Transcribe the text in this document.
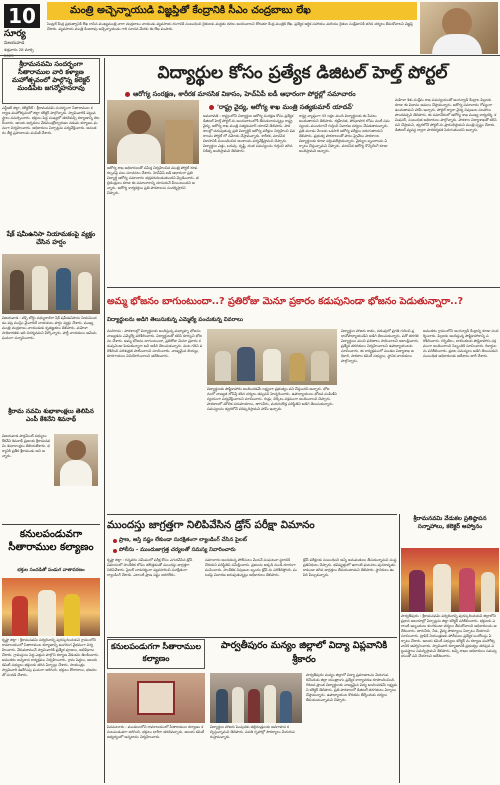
10
సూర్య
విజయవాడ
శుక్రవారం 28 మార్చి
మంత్రి అచ్చెన్నాయుడి విజ్ఞప్తితో కేంద్రానికి సీఎం చంద్రబాబు లేఖ
సెంట్రల్ కేంద్ర ప్రభుత్వానికి లేఖ రాసిన ముఖ్యమంత్రి నారా చంద్రబాబు నాయుడు వ్యవసాయ రంగానికి సంబంధించి రైతులకు మద్దతు ధరలు అందించాలని కోరుతూ కేంద్ర మంత్రికి లేఖ. ప్రత్యేక ఆర్థిక సహాయం మరియు రైతుల సంక్షేమానికి తగిన చర్యలు తీసుకోవాలని విజ్ఞప్తి చేశారు. వ్యవసాయ మంత్రి కింజరాపు అచ్చెన్నాయుడు గారి సూచన మేరకు ఈ లేఖ పంపారు.
శ్రీరామనవమి సందర్భంగా సీతారాముల వారి కళ్యాణ మహోత్సవంలో పాల్గొన్న కలెక్టర్ మండిపేట జగన్మోహనరావు
ఎన్టీఆర్ జిల్లా, కలెక్టరేట్ : శ్రీరామనవమి సందర్భంగా సీతారాముల కల్యాణ మహోత్సవంలో జిల్లా కలెక్టర్ పాల్గొన్నారు. స్వామివారికి పట్టువస్త్రాలు సమర్పించారు. భక్తులు పెద్ద సంఖ్యలో తరలివచ్చి కల్యాణాన్ని తిలకించారు. ఆలయ అర్చకులు వేదమంత్రోచ్ఛారణల నడుమ కల్యాణం ఘనంగా నిర్వహించారు. అధికారులు ఏర్పాట్లను పర్యవేక్షించారు. అనంతరం తీర్థ ప్రసాదాలను పంపిణీ చేశారు.
షేక్ షమీఉనిసా నియామకంపై వ్యక్తం చేసిన హర్షం
విజయవాడ : వక్ఫ్ బోర్డు సభ్యురాలిగా షేక్ షమీఉనిసాను నియమించడం పట్ల ముస్లిం మైనారిటీ నాయకులు హర్షం వ్యక్తం చేశారు. ముఖ్యమంత్రి చంద్రబాబు నాయుడుకు కృతజ్ఞతలు తెలిపారు. మహిళా సాధికారతకు ఇది నిదర్శనమని పేర్కొన్నారు. పార్టీ నాయకులు ఆమెను ఘనంగా సన్మానించారు.
శ్రీరామ నవమి శుభాకాంక్షలు తెలిపిన ఎంపీ కేశినేని శివనాథ్
విజయవాడ పార్లమెంట్ సభ్యులు కేశినేని శివనాథ్ ప్రజలకు శ్రీరామనవమి శుభాకాంక్షలు తెలియజేశారు. ధర్మానికి ప్రతీక శ్రీరాముడు అని అన్నారు.
కనులపండువగా సీతారాముల కల్యాణం
భక్తుల సందడితో పండుగ వాతావరణం
కృష్ణా జిల్లా : శ్రీరామనవమి పర్వదినాన్ని పురస్కరించుకుని గ్రామంలోని రామాలయంలో సీతారాముల కల్యాణాన్ని అంగరంగ వైభవంగా నిర్వహించారు. వేకువజామునే స్వామివారికి ప్రత్యేక పూజలు, అభిషేకాలు చేశారు. గ్రామస్తులు పెద్ద ఎత్తున పాల్గొని కల్యాణ వేడుకను తిలకించారు. అనంతరం అన్నదాన కార్యక్రమం నిర్వహించారు. గ్రామ పెద్దలు, ఆలయ కమిటీ సభ్యులు భక్తులకు తగిన ఏర్పాట్లు చేశారు. సాయంత్రం స్వామివారి ఊరేగింపు ఘనంగా జరిగింది. భక్తులు కోలాటాలు, భజనలతో సందడి చేశారు.
విద్యార్థుల కోసం ప్రత్యేక డిజిటల్ హెల్త్ పోర్టల్
ఆరోగ్య సంరక్షణ, శారీరక మానసిక వికాసం, హెచ్ఏపీ ఐడీ ఆధారంగా పోర్టల్లో సమాచారం
'రాష్ట్ర వైద్య, ఆరోగ్య శాఖ మంత్రి సత్యకుమార్ యాదవ్'
అమరావతి : రాష్ట్రంలోని విద్యార్థుల ఆరోగ్య సంరక్షణ కోసం ప్రత్యేక డిజిటల్ హెల్త్ పోర్టల్ ను అందుబాటులోకి తీసుకురానున్నట్లు రాష్ట్ర వైద్య, ఆరోగ్య శాఖ మంత్రి సత్యకుమార్ యాదవ్ తెలిపారు. పాఠశాలల్లో చదువుతున్న ప్రతి విద్యార్థికి ఆరోగ్య పరీక్షలు నిర్వహించి వివరాలను పోర్టల్ లో నమోదు చేస్తామన్నారు. శారీరక, మానసిక వికాసానికి సంబంధించిన అంశాలను పర్యవేక్షిస్తామని చెప్పారు. విద్యార్థుల ఎత్తు, బరువు, దృష్టి, దంత సమస్యలను గుర్తించి తగిన చికిత్స అందిస్తామని తెలిపారు.
ఆరోగ్య శాఖ అధికారులతో సమీక్ష నిర్వహించిన మంత్రి పోర్టల్ రూపకల్పనపై పలు సూచనలు చేశారు. హెచ్ఏపీ ఐడీ ఆధారంగా ప్రతి విద్యార్థి ఆరోగ్య సమాచారం భద్రపరచబడుతుందని వెల్లడించారు. తల్లిదండ్రులు కూడా ఈ సమాచారాన్ని చూసుకునే వీలుంటుందని అన్నారు. ఆరోగ్య కార్యకర్తలు ప్రతి పాఠశాలను సందర్శిస్తారని చెప్పారు.
రాష్ట్ర వ్యాప్తంగా 45 లక్షల మంది విద్యార్థులకు ఈ సేవలు అందుతాయని తెలిపారు. రక్తహీనత, పోషకాహార లోపం వంటి సమస్యలను ముందుగానే గుర్తించి నివారణ చర్యలు చేపడతామన్నారు. ప్రతి మూడు నెలలకు ఒకసారి ఆరోగ్య పరీక్షలు జరుగుతాయని తెలిపారు. ప్రభుత్వ పాఠశాలలతో పాటు ప్రైవేటు పాఠశాలల విద్యార్థులకు కూడా వర్తింపజేస్తామన్నారు. వైద్యుల బృందాలను ఏర్పాటు చేస్తున్నామని చెప్పారు. మానసిక ఆరోగ్య కౌన్సెలింగ్ కూడా అందిస్తామని అన్నారు.
మహిళా శిశు సంక్షేమ శాఖ సమన్వయంతో అంగన్వాడీ కేంద్రాల పిల్లలకు కూడా ఈ విధానం అమలు చేస్తామన్నారు. ఆరోగ్య సమాచారం గోప్యంగా ఉంచుతామని హామీ ఇచ్చారు. పోర్టల్ ద్వారా వైద్య నిపుణుల సలహాలు పొందవచ్చని తెలిపారు. ఈ సమావేశంలో ఆరోగ్య శాఖ ముఖ్య కార్యదర్శి, కమిషనర్, సంబంధిత అధికారులు పాల్గొన్నారు. పాఠశాల విద్యాశాఖతో కలిసి పని చేస్తామని, త్వరలోనే పోర్టల్ ను ప్రారంభిస్తామని మంత్రి స్పష్టం చేశారు. డిజిటల్ వ్యవస్థ ద్వారా పారదర్శకత పెరుగుతుందని అన్నారు.
అమ్మ భోజనం బాగుంటుందా..? ప్రతిరోజు మెనూ ప్రకారం కడుపునిండా భోజనం పెడుతున్నారా..?
విద్యార్థులను అడిగి తెలుసుకున్న ఎమ్మెల్యే పంచుకున్న వివరాలు
నందిగామ : పాఠశాలల్లో విద్యార్థులకు అందిస్తున్న మధ్యాహ్న భోజనం నాణ్యతను ఎమ్మెల్యే పరిశీలించారు. విద్యార్థులతో కలిసి కూర్చుని భోజనం చేశారు. అమ్మ భోజనం బాగుంటుందా, ప్రతిరోజు మెనూ ప్రకారం కడుపునిండా పెడుతున్నారా అని అడిగి తెలుసుకున్నారు. వంట గదిని పరిశీలించి పరిశుభ్రత పాటించాలని సూచించారు. నాణ్యమైన బియ్యం, కూరగాయలు వినియోగించాలని ఆదేశించారు.
విద్యార్థులకు పౌష్టికాహారం అందించడమే లక్ష్యంగా ప్రభుత్వం పని చేస్తుందని అన్నారు. భోజనంలో నాణ్యత లోపిస్తే కఠిన చర్యలు తప్పవని హెచ్చరించారు. ఉపాధ్యాయులు భోజన పంపిణీని స్వయంగా పర్యవేక్షించాలని సూచించారు. గుడ్లు, చిక్కీలు సక్రమంగా అందించాలని చెప్పారు. పాఠశాలలో మౌలిక సదుపాయాలు, తాగునీరు, మరుగుదొడ్ల పరిస్థితిని అడిగి తెలుసుకున్నారు. సమస్యలను త్వరలోనే పరిష్కరిస్తామని హామీ ఇచ్చారు.
విద్యార్థుల హాజరు శాతం, చదువులో ప్రగతి గురించి ప్రధానోపాధ్యాయుడిని అడిగి తెలుసుకున్నారు. పదో తరగతి విద్యార్థులు మంచి ఫలితాలు సాధించాలని ఆకాంక్షించారు. ప్రత్యేక తరగతులు నిర్వహించాలని ఉపాధ్యాయులకు సూచించారు. ఈ కార్యక్రమంలో మండల విద్యాశాఖ అధికారి, పాఠశాల కమిటీ సభ్యులు, స్థానిక నాయకులు పాల్గొన్నారు.
అనంతరం గ్రామంలోని అంగన్వాడీ కేంద్రాన్ని కూడా సందర్శించారు. పిల్లలకు అందిస్తున్న పౌష్టికాహారాన్ని పరిశీలించారు. గర్భిణీలు, బాలింతలకు పౌష్టికాహారం సక్రమంగా అందించాలని సిబ్బందికి సూచించారు. రికార్డులను పరిశీలించారు. ప్రజల సమస్యలు అడిగి తెలుసుకుని సంబంధిత అధికారులకు ఆదేశాలు జారీ చేశారు.
ముందస్తు జాగ్రత్తగా నిలిపివేసిన డ్రోన్ పరీక్షా విమానం
ప్రాణ, ఆస్తి నష్టం లేకుండా సురక్షితంగా ల్యాండింగ్ చేసిన పైలట్
పోలీసు - ముందుజాగ్రత్త చర్యలతో సమస్య నివారించారు
కృష్ణా జిల్లా : గన్నవరం సమీపంలో పరీక్ష కోసం ఎగురవేసిన డ్రోన్ విమానంలో సాంకేతిక లోపం తలెత్తడంతో ముందస్తు జాగ్రత్తగా నిలిపివేశారు. పైలట్ చాకచక్యంగా వ్యవహరించి సురక్షితంగా ల్యాండింగ్ చేశారు. ఎలాంటి ప్రాణ నష్టం జరగలేదు.
సమాచారం అందుకున్న పోలీసులు వెంటనే సంఘటనా స్థలానికి చేరుకుని పరిస్థితిని సమీక్షించారు. ప్రజలను అక్కడి నుండి దూరంగా పంపించారు. సాంకేతిక నిపుణుల బృందం డ్రోన్ ను పరిశీలిస్తోంది. ఘటనపై విచారణ జరుపుతున్నట్లు అధికారులు తెలిపారు.
డ్రోన్ పరీక్షలకు సంబంధించి అన్ని అనుమతులు తీసుకున్నామని సంస్థ ప్రతినిధులు చెప్పారు. భవిష్యత్తులో ఇలాంటి ఘటనలు పునరావృతం కాకుండా తగిన జాగ్రత్తలు తీసుకుంటామని తెలిపారు. స్థానికులు ఊపిరి పీల్చుకున్నారు.
శ్రీరామనవమి వేడుకల ప్రతిష్ఠాపన సన్నాహాలు, కలెక్టర్ ఆహ్వానం
పార్వతీపురం : శ్రీరామనవమి పర్వదినాన్ని పురస్కరించుకుని జిల్లాలోని ప్రధాన ఆలయాల్లో ఏర్పాట్లను జిల్లా కలెక్టర్ పరిశీలించారు. భక్తులకు ఎలాంటి ఇబ్బందులు కలగకుండా చర్యలు తీసుకోవాలని అధికారులను ఆదేశించారు. తాగునీరు, నీడ, వైద్య సౌకర్యాలు ఏర్పాటు చేయాలని సూచించారు. ట్రాఫిక్ నియంత్రణకు పోలీసులు ప్రత్యేక బందోబస్తు ఏర్పాటు చేశారు. ఆలయ కమిటీ సభ్యులు కలెక్టర్ ను కల్యాణ మహోత్సవానికి ఆహ్వానించారు. స్వామివారి కల్యాణానికి ప్రభుత్వం తరఫున పట్టువస్త్రాలు సమర్పిస్తామని తెలిపారు. అన్ని శాఖల అధికారులు సమన్వయంతో పని చేయాలని ఆదేశించారు.
కనులపండుగగా సీతారాముల కల్యాణం
పెనమలూరు : మండలంలోని రామాలయంలో సీతారాముల కల్యాణం కనులపండువగా జరిగింది. భక్తులు భారీగా తరలివచ్చారు. ఆలయ కమిటీ ఆధ్వర్యంలో అన్నదానం నిర్వహించారు.
పార్వతీపురం మన్యం జిల్లాలో విద్యా విప్లవానికి శ్రీకారం
పార్వతీపురం మన్యం జిల్లాలో విద్యా ప్రమాణాలను మెరుగుపరిచేందుకు జిల్లా యంత్రాంగం ప్రత్యేక కార్యాచరణ రూపొందించింది. గిరిజన ప్రాంత విద్యార్థులకు నాణ్యమైన విద్య అందించడమే లక్ష్యమని కలెక్టర్ తెలిపారు. ప్రతి పాఠశాలలో డిజిటల్ తరగతులు ఏర్పాటు చేస్తామన్నారు. ఉపాధ్యాయుల కొరతను తీర్చేందుకు చర్యలు తీసుకుంటున్నామని చెప్పారు.
విద్యార్థుల హాజరు పెంపునకు తల్లిదండ్రులకు అవగాహన కల్పిస్తున్నామని తెలిపారు. వసతి గృహాల్లో సౌకర్యాలు మెరుగుపరుస్తామన్నారు.
